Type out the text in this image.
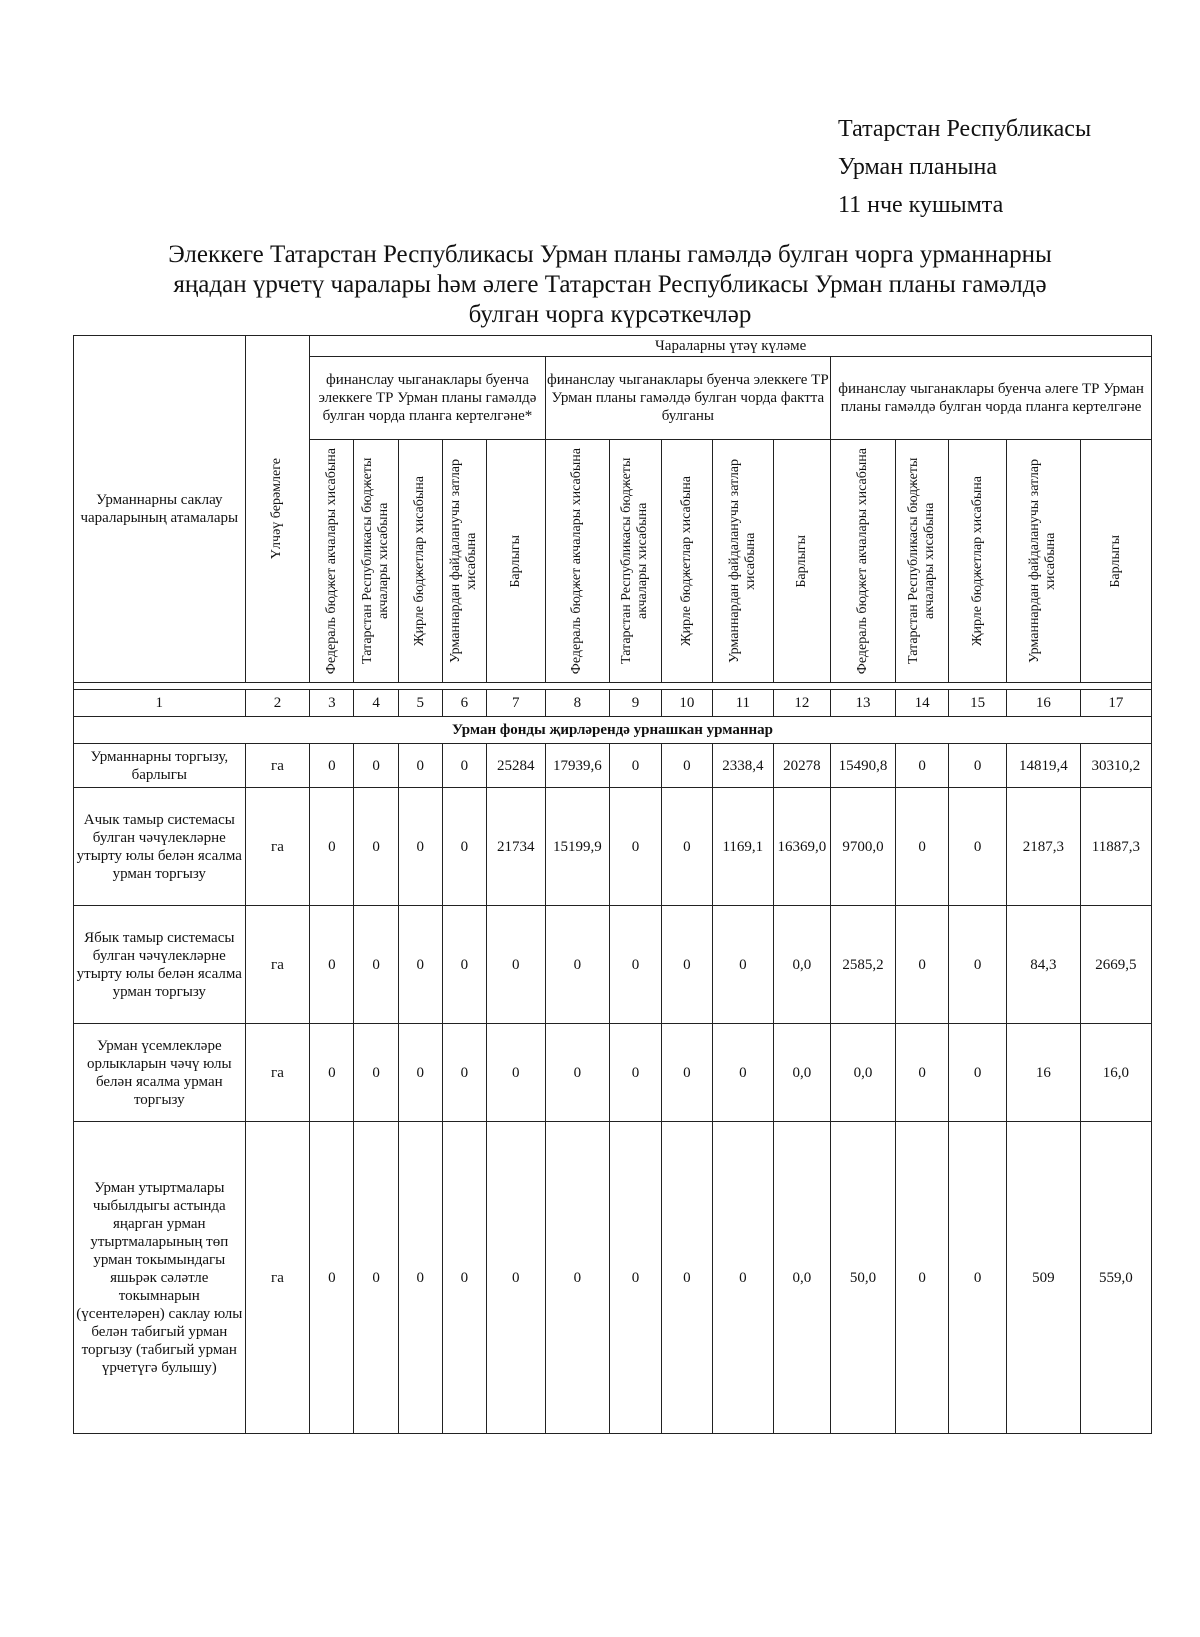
Татарстан Республикасы
Урман планына
11 нче кушымта
Элеккеге Татарстан Республикасы Урман планы гамәлдә булган чорга урманнарны
яңадан үрчетү чаралары һәм әлеге Татарстан Республикасы Урман планы гамәлдә
булган чорга күрсәткечләр
Урманнарны саклау чараларының атамалары	Үлчәү берәмлеге	Чараларны үтәү күләме														
		финанслау чыганаклары буенча элеккеге ТР Урман планы гамәлдә булган чорда планга кертелгәне*					финанслау чыганаклары буенча элеккеге ТР Урман планы гамәлдә булган чорда фактта булганы					финанслау чыганаклары буенча әлеге ТР Урман планы гамәлдә булган чорда планга кертелгәне				

		Федераль бюджет акчалары хисабына	Татарстан Республикасы бюджеты акчалары хисабына	Җирле бюджетлар хисабына	Урманнардан файдаланучы затлар хисабына	Барлыгы	Федераль бюджет акчалары хисабына	Татарстан Республикасы бюджеты акчалары хисабына	Җирле бюджетлар хисабына	Урманнардан файдаланучы затлар хисабына	Барлыгы	Федераль бюджет акчалары хисабына	Татарстан Республикасы бюджеты акчалары хисабына	Җирле бюджетлар хисабына	Урманнардан файдаланучы затлар хисабына	Барлыгы

1	2	3	4	5	6	7	8	9	10	11	12	13	14	15	16	17
Урман фонды җирләрендә урнашкан урманнар																
Урманнарны торгызу, барлыгы	га	0	0	0	0	25284	17939,6	0	0	2338,4	20278	15490,8	0	0	14819,4	30310,2
Ачык тамыр системасы булган чәчүлекләрне утырту юлы белән ясалма урман торгызу	га	0	0	0	0	21734	15199,9	0	0	1169,1	16369,0	9700,0	0	0	2187,3	11887,3
Ябык тамыр системасы булган чәчүлекләрне утырту юлы белән ясалма урман торгызу	га	0	0	0	0	0	0	0	0	0	0,0	2585,2	0	0	84,3	2669,5
Урман үсемлекләре орлыкларын чәчү юлы белән ясалма урман торгызу	га	0	0	0	0	0	0	0	0	0	0,0	0,0	0	0	16	16,0
Урман утыртмалары чыбылдыгы астында яңарган урман утыртмаларының төп урман токымындагы яшьрәк сәләтле токымнарын (үсентеләрен) саклау юлы белән табигый урман торгызу (табигый урман үрчетүгә булышу)	га	0	0	0	0	0	0	0	0	0	0,0	50,0	0	0	509	559,0
